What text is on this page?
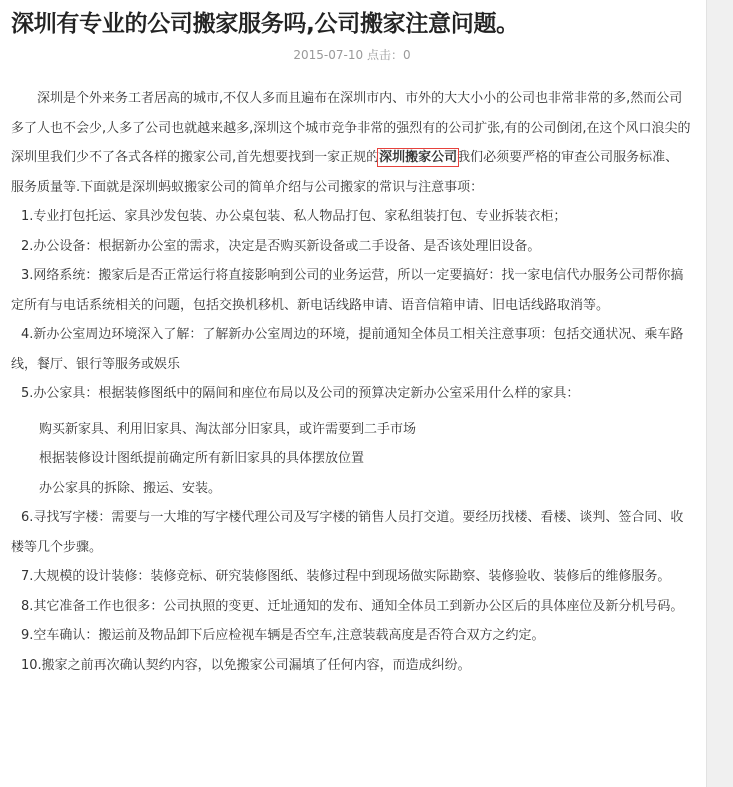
深圳有专业的公司搬家服务吗,公司搬家注意问题。
2015-07-10 点击：0

深圳是个外来务工者居高的城市,不仅人多而且遍布在深圳市内、市外的大大小小的公司也非常非常的多,然而公司多了人也不会少,人多了公司也就越来越多,深圳这个城市竞争非常的强烈有的公司扩张,有的公司倒闭,在这个风口浪尖的深圳里我们少不了各式各样的搬家公司,首先想要找到一家正规的深圳搬家公司我们必须要严格的审查公司服务标准、服务质量等.下面就是深圳蚂蚁搬家公司的简单介绍与公司搬家的常识与注意事项：

1.专业打包托运、家具沙发包装、办公桌包装、私人物品打包、家私组装打包、专业拆装衣柜；

2.办公设备：根据新办公室的需求，决定是否购买新设备或二手设备、是否该处理旧设备。

3.网络系统：搬家后是否正常运行将直接影响到公司的业务运营，所以一定要搞好：找一家电信代办服务公司帮你搞定所有与电话系统相关的问题，包括交换机移机、新电话线路申请、语音信箱申请、旧电话线路取消等。

4.新办公室周边环境深入了解：了解新办公室周边的环境，提前通知全体员工相关注意事项：包括交通状况、乘车路线，餐厅、银行等服务或娱乐

5.办公家具：根据装修图纸中的隔间和座位布局以及公司的预算决定新办公室采用什么样的家具：

购买新家具、利用旧家具、淘汰部分旧家具，或许需要到二手市场

根据装修设计图纸提前确定所有新旧家具的具体摆放位置

办公家具的拆除、搬运、安装。

6.寻找写字楼：需要与一大堆的写字楼代理公司及写字楼的销售人员打交道。要经历找楼、看楼、谈判、签合同、收楼等几个步骤。

7.大规模的设计装修：装修竞标、研究装修图纸、装修过程中到现场做实际勘察、装修验收、装修后的维修服务。

8.其它准备工作也很多：公司执照的变更、迁址通知的发布、通知全体员工到新办公区后的具体座位及新分机号码。

9.空车确认：搬运前及物品卸下后应检视车辆是否空车,注意装载高度是否符合双方之约定。

10.搬家之前再次确认契约内容，以免搬家公司漏填了任何内容，而造成纠纷。
